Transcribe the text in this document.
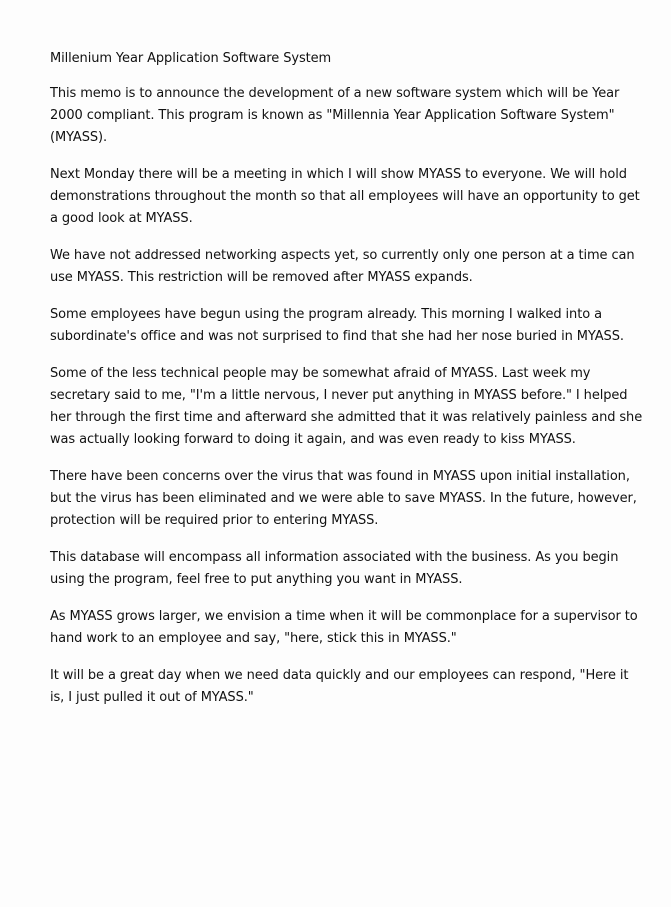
Millenium Year Application Software System

This memo is to announce the development of a new software system which will be Year 2000 compliant. This program is known as "Millennia Year Application Software System" (MYASS).

Next Monday there will be a meeting in which I will show MYASS to everyone. We will hold demonstrations throughout the month so that all employees will have an opportunity to get a good look at MYASS.

We have not addressed networking aspects yet, so currently only one person at a time can use MYASS. This restriction will be removed after MYASS expands.

Some employees have begun using the program already. This morning I walked into a subordinate's office and was not surprised to find that she had her nose buried in MYASS.

Some of the less technical people may be somewhat afraid of MYASS. Last week my secretary said to me, "I'm a little nervous, I never put anything in MYASS before." I helped her through the first time and afterward she admitted that it was relatively painless and she was actually looking forward to doing it again, and was even ready to kiss MYASS.

There have been concerns over the virus that was found in MYASS upon initial installation, but the virus has been eliminated and we were able to save MYASS. In the future, however, protection will be required prior to entering MYASS.

This database will encompass all information associated with the business. As you begin using the program, feel free to put anything you want in MYASS.

As MYASS grows larger, we envision a time when it will be commonplace for a supervisor to hand work to an employee and say, "here, stick this in MYASS."

It will be a great day when we need data quickly and our employees can respond, "Here it is, I just pulled it out of MYASS."
